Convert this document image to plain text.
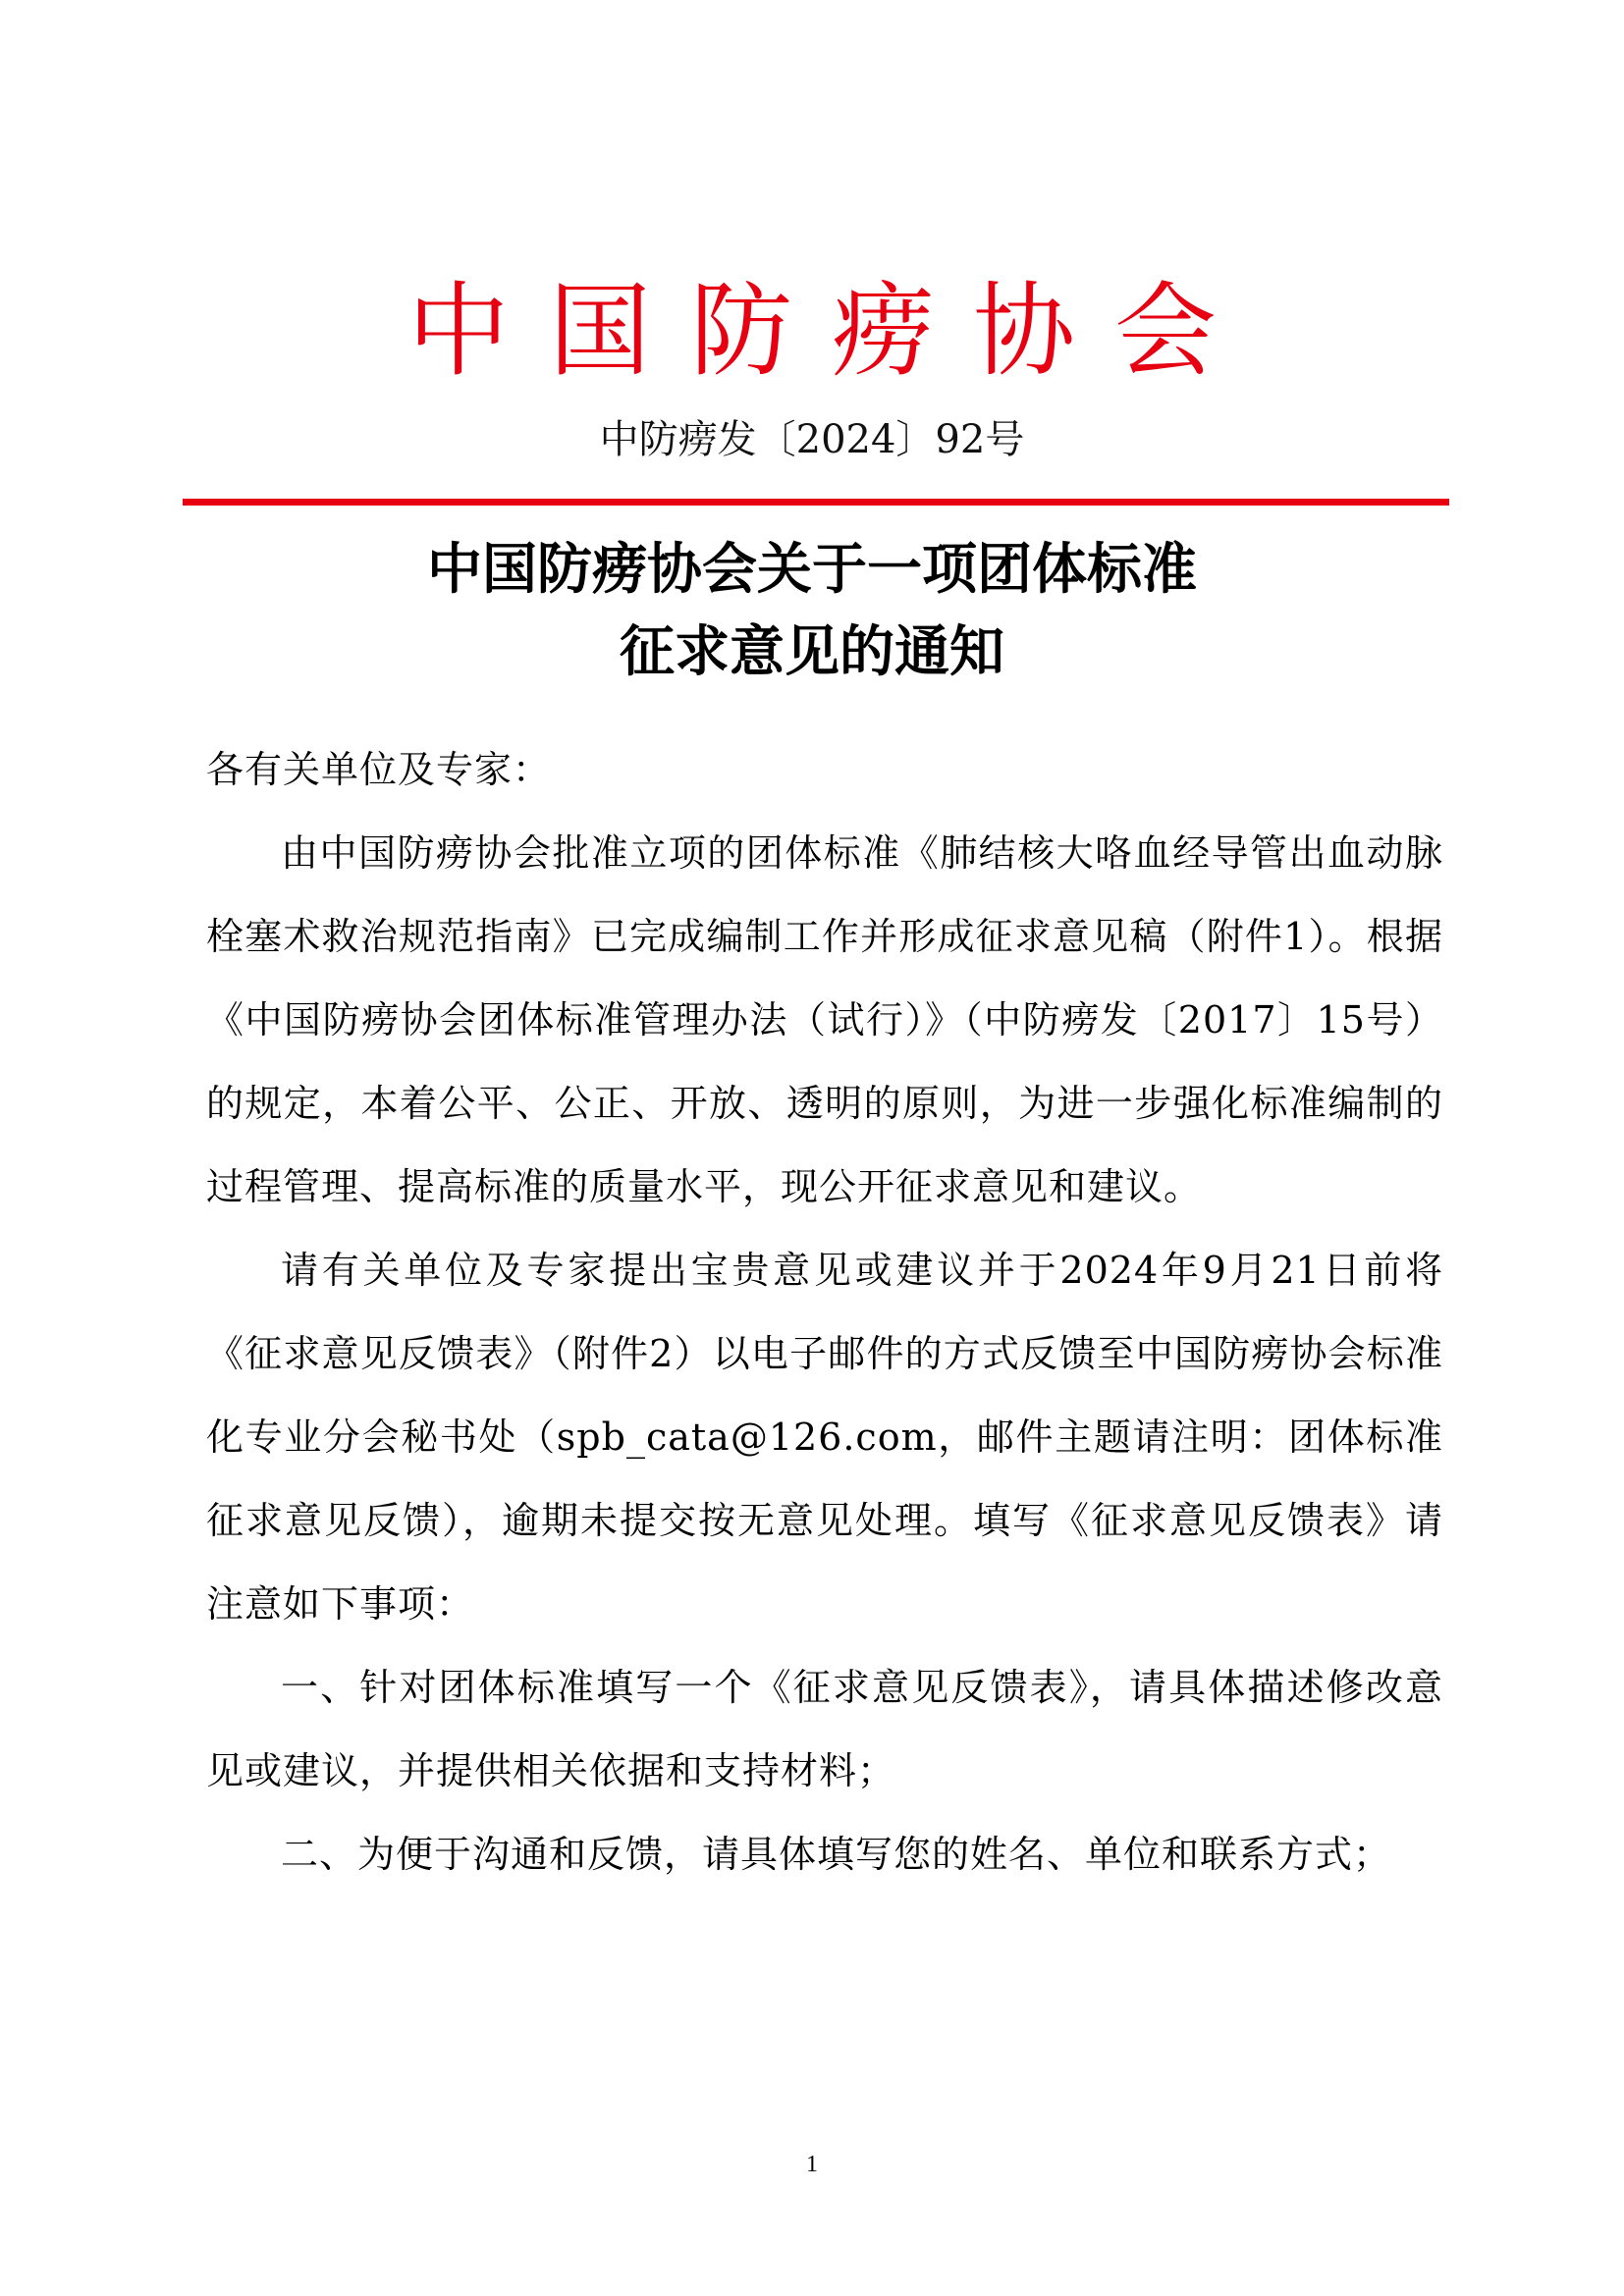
中国防痨协会
中防痨发〔2024〕92号
中国防痨协会关于一项团体标准
征求意见的通知

各有关单位及专家：

由中国防痨协会批准立项的团体标准《肺结核大咯血经导管出血动脉栓塞术救治规范指南》已完成编制工作并形成征求意见稿（附件1）。根据《中国防痨协会团体标准管理办法（试行）》（中防痨发〔2017〕15号）的规定，本着公平、公正、开放、透明的原则，为进一步强化标准编制的过程管理、提高标准的质量水平，现公开征求意见和建议。

请有关单位及专家提出宝贵意见或建议并于2024年9月21日前将《征求意见反馈表》（附件2）以电子邮件的方式反馈至中国防痨协会标准化专业分会秘书处（spb_cata@126.com，邮件主题请注明：团体标准征求意见反馈），逾期未提交按无意见处理。填写《征求意见反馈表》请注意如下事项：

一、针对团体标准填写一个《征求意见反馈表》，请具体描述修改意见或建议，并提供相关依据和支持材料；

二、为便于沟通和反馈，请具体填写您的姓名、单位和联系方式；

1
